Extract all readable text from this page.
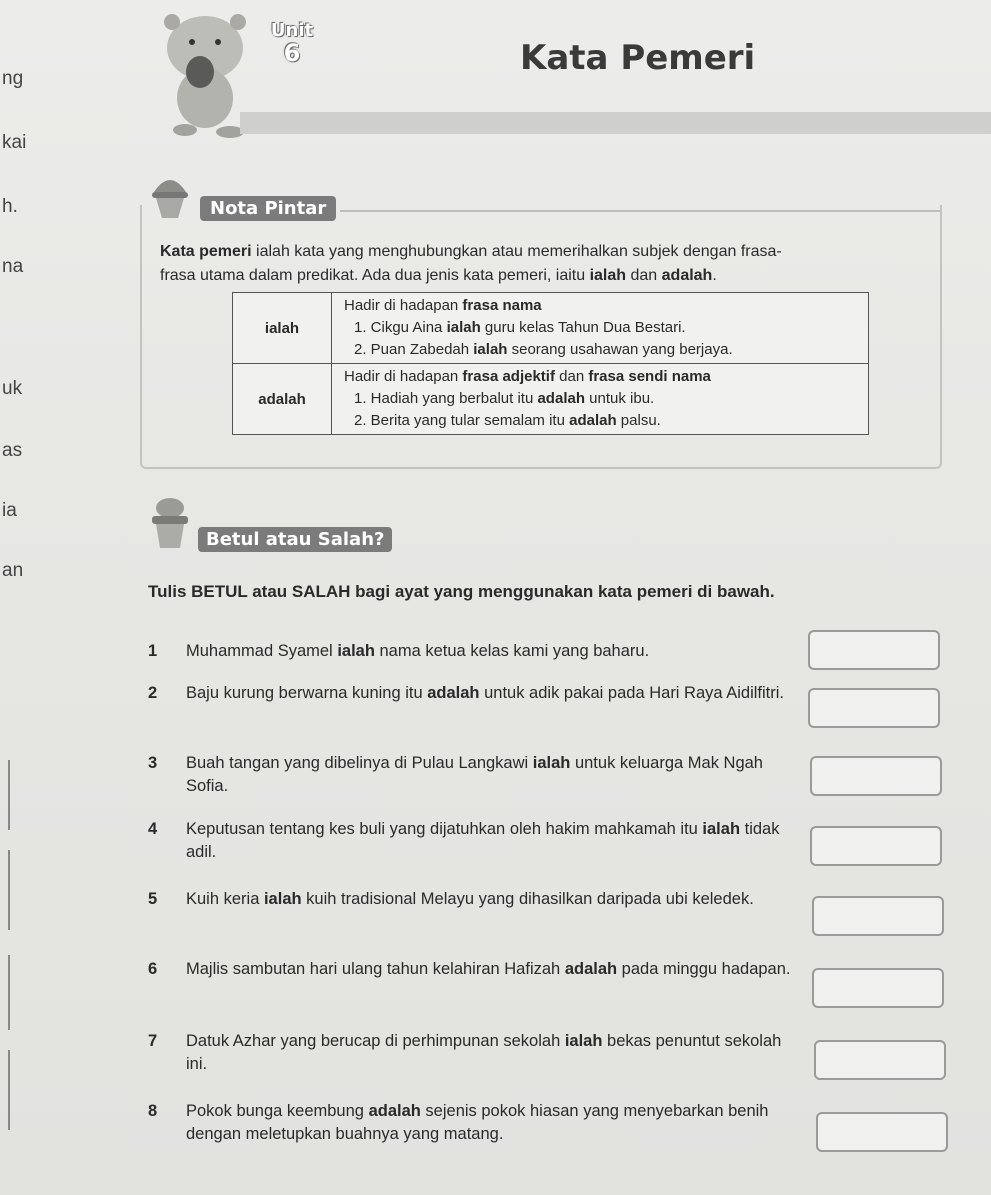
ng
kai
h.
na
uk
as
ia
an
Unit
6	Kata Pemeri
Nota Pintar
Kata pemeri ialah kata yang menghubungkan atau memerihalkan subjek dengan frasa-
frasa utama dalam predikat. Ada dua jenis kata pemeri, iaitu ialah dan adalah.
ialah	Hadir di hadapan frasa nama
1. Cikgu Aina ialah guru kelas Tahun Dua Bestari.
2. Puan Zabedah ialah seorang usahawan yang berjaya.

adalah	Hadir di hadapan frasa adjektif dan frasa sendi nama
1. Hadiah yang berbalut itu adalah untuk ibu.
2. Berita yang tular semalam itu adalah palsu.
Betul atau Salah?
Tulis BETUL atau SALAH bagi ayat yang menggunakan kata pemeri di bawah.
1 Muhammad Syamel ialah nama ketua kelas kami yang baharu.
2 Baju kurung berwarna kuning itu adalah untuk adik pakai pada Hari Raya Aidilfitri.
3 Buah tangan yang dibelinya di Pulau Langkawi ialah untuk keluarga Mak Ngah Sofia.
4 Keputusan tentang kes buli yang dijatuhkan oleh hakim mahkamah itu ialah tidak adil.
5 Kuih keria ialah kuih tradisional Melayu yang dihasilkan daripada ubi keledek.
6 Majlis sambutan hari ulang tahun kelahiran Hafizah adalah pada minggu hadapan.
7 Datuk Azhar yang berucap di perhimpunan sekolah ialah bekas penuntut sekolah ini.
8 Pokok bunga keembung adalah sejenis pokok hiasan yang menyebarkan benih dengan meletupkan buahnya yang matang.
